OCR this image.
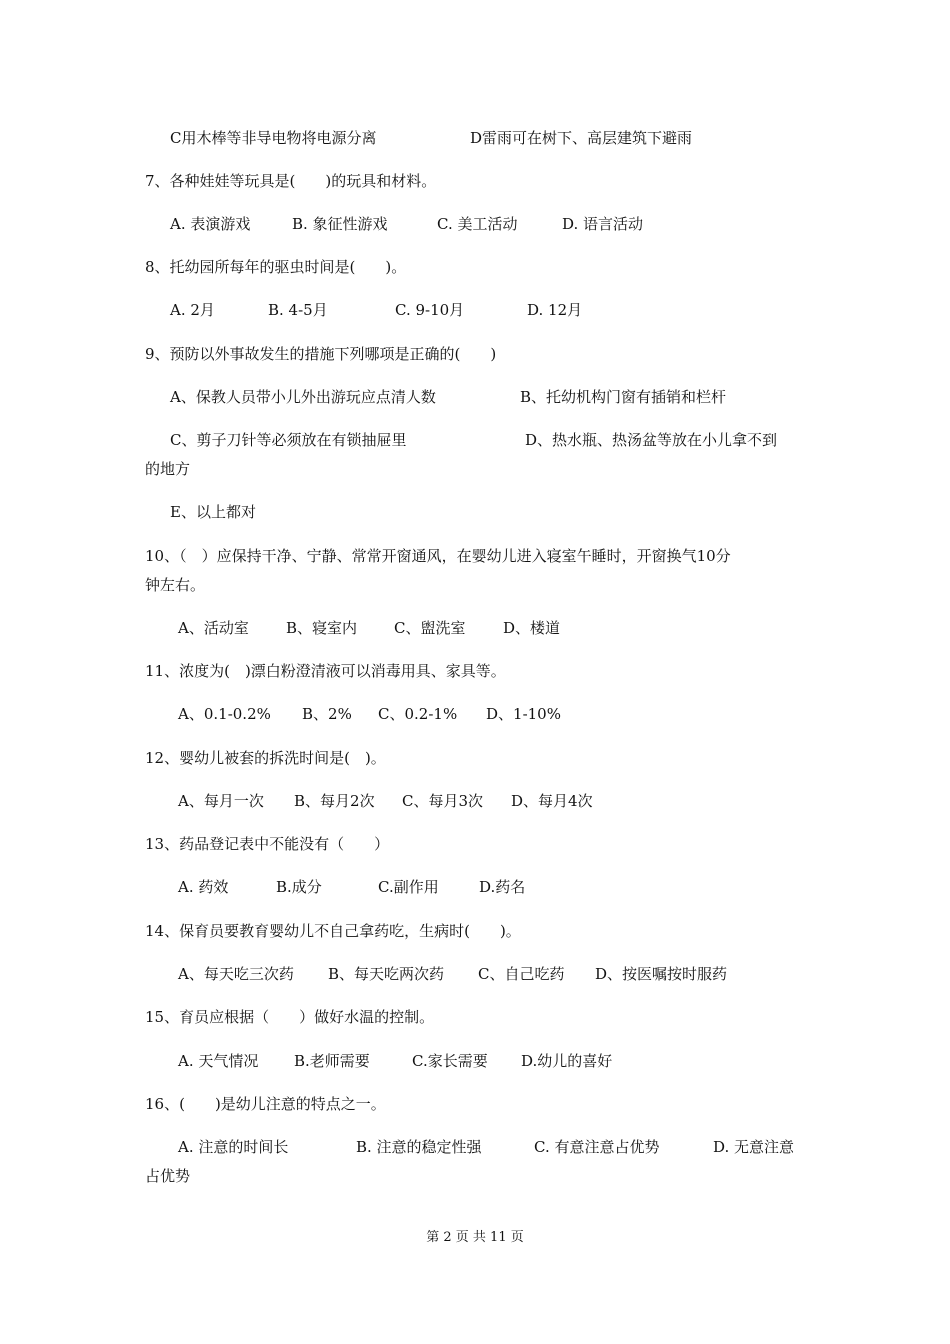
C用木棒等非导电物将电源分离	D雷雨可在树下、高层建筑下避雨
7、各种娃娃等玩具是(　　)的玩具和材料。
A. 表演游戏	B. 象征性游戏	C. 美工活动	D. 语言活动
8、托幼园所每年的驱虫时间是(　　)。
A. 2月	B. 4-5月	C. 9-10月	D. 12月
9、预防以外事故发生的措施下列哪项是正确的(　　)
A、保教人员带小儿外出游玩应点清人数	B、托幼机构门窗有插销和栏杆
C、剪子刀针等必须放在有锁抽屉里	D、热水瓶、热汤盆等放在小儿拿不到
的地方
E、以上都对
10、（　）应保持干净、宁静、常常开窗通风，在婴幼儿进入寝室午睡时，开窗换气10分
钟左右。
A、活动室 B、寝室内 C、盥洗室	D、楼道
11、浓度为(　)漂白粉澄清液可以消毒用具、家具等。
A、0.1-0.2% B、2% C、0.2-1% D、1-10%
12、婴幼儿被套的拆洗时间是(　)。
A、每月一次 B、每月2次 C、每月3次 D、每月4次
13、药品登记表中不能没有（　　）
A. 药效	B.成分	C.副作用	D.药名
14、保育员要教育婴幼儿不自己拿药吃，生病时(　　)。
A、每天吃三次药 B、每天吃两次药 C、自己吃药 D、按医嘱按时服药
15、育员应根据（　　）做好水温的控制。
A. 天气情况 B.老师需要	C.家长需要 D.幼儿的喜好
16、(　　)是幼儿注意的特点之一。
A. 注意的时间长	B. 注意的稳定性强	C. 有意注意占优势	D. 无意注意
占优势
第 2 页 共 11 页
